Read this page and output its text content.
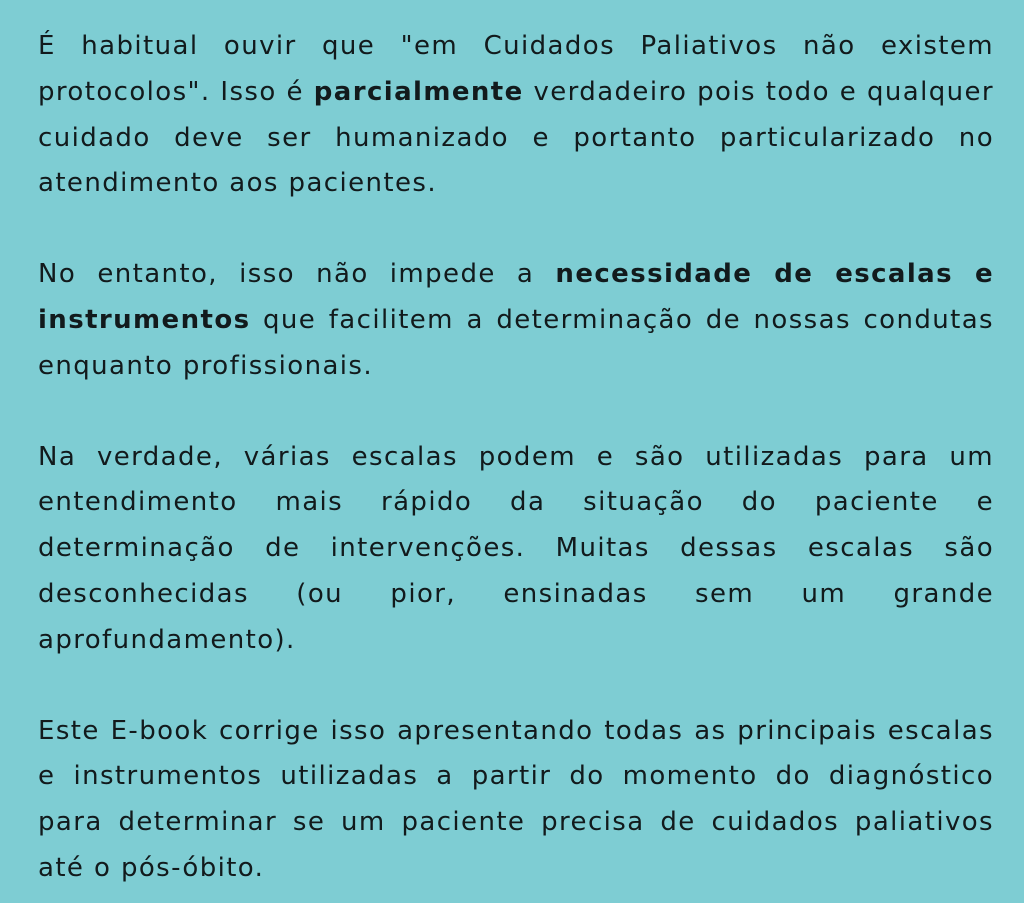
É habitual ouvir que "em Cuidados Paliativos não existem protocolos". Isso é parcialmente verdadeiro pois todo e qualquer cuidado deve ser humanizado e portanto particularizado no atendimento aos pacientes.

No entanto, isso não impede a necessidade de escalas e instrumentos que facilitem a determinação de nossas condutas enquanto profissionais.

Na verdade, várias escalas podem e são utilizadas para um entendimento mais rápido da situação do paciente e determinação de intervenções. Muitas dessas escalas são desconhecidas (ou pior, ensinadas sem um grande aprofundamento).

Este E-book corrige isso apresentando todas as principais escalas e instrumentos utilizadas a partir do momento do diagnóstico para determinar se um paciente precisa de cuidados paliativos até o pós-óbito.
